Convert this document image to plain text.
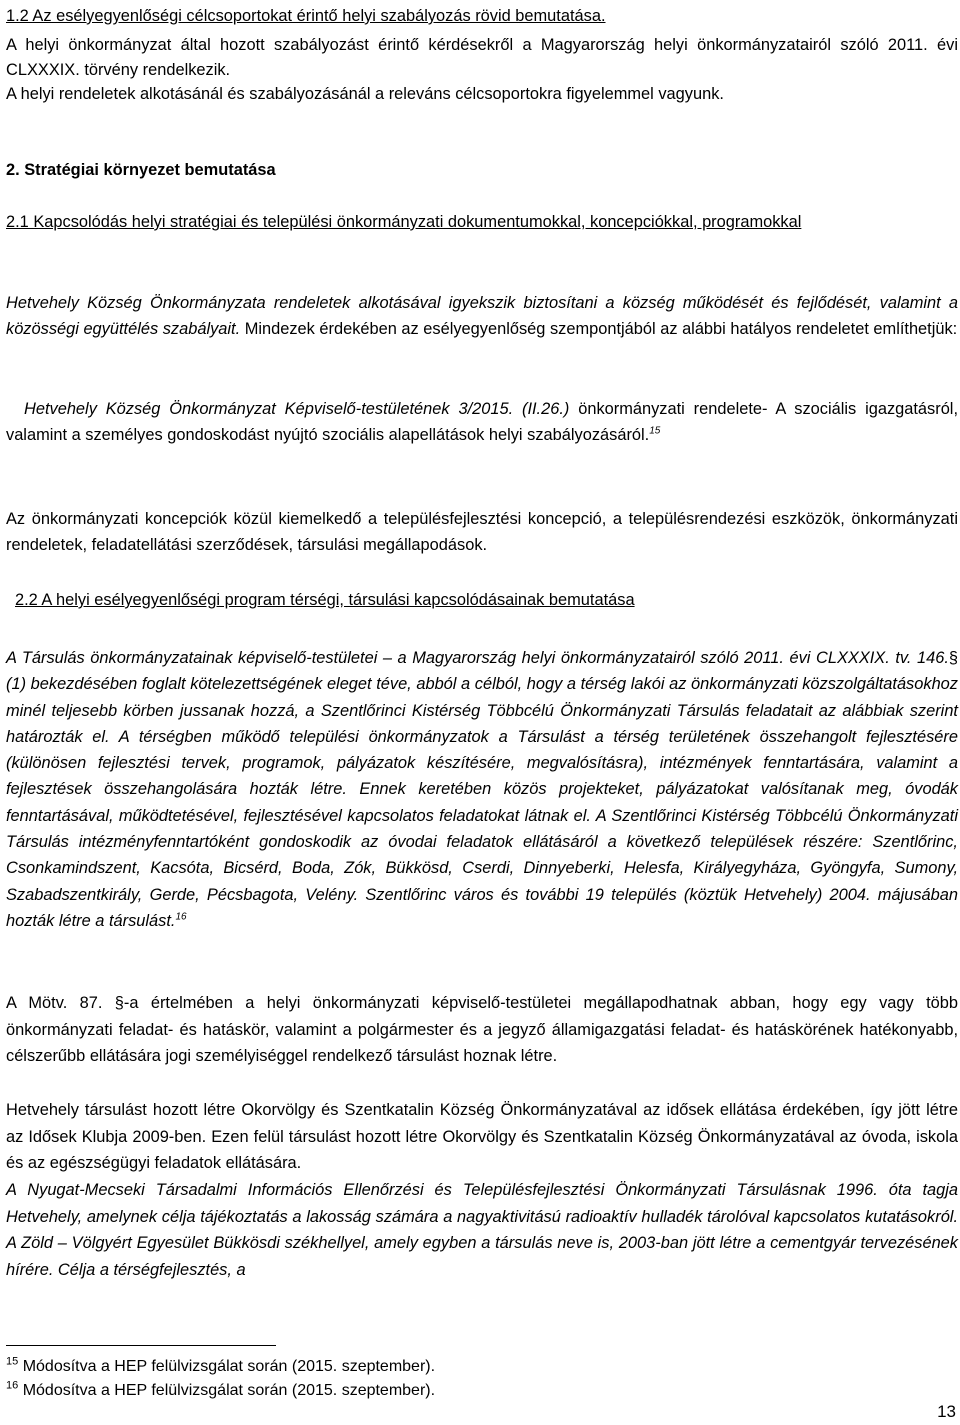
1.2 Az esélyegyenlőségi célcsoportokat érintő helyi szabályozás rövid bemutatása.

A helyi önkormányzat által hozott szabályozást érintő kérdésekről a Magyarország helyi önkormányzatairól szóló 2011. évi CLXXXIX. törvény rendelkezik.

A helyi rendeletek alkotásánál és szabályozásánál a releváns célcsoportokra figyelemmel vagyunk.

2. Stratégiai környezet bemutatása

2.1 Kapcsolódás helyi stratégiai és települési önkormányzati dokumentumokkal, koncepciókkal, programokkal

Hetvehely Község Önkormányzata rendeletek alkotásával igyekszik biztosítani a község működését és fejlődését, valamint a közösségi együttélés szabályait. Mindezek érdekében az esélyegyenlőség szempontjából az alábbi hatályos rendeletet említhetjük:

Hetvehely Község Önkormányzat Képviselő-testületének 3/2015. (II.26.) önkormányzati rendelete- A szociális igazgatásról, valamint a személyes gondoskodást nyújtó szociális alapellátások helyi szabályozásáról.$^{15}$

Az önkormányzati koncepciók közül kiemelkedő a településfejlesztési koncepció, a településrendezési eszközök, önkormányzati rendeletek, feladatellátási szerződések, társulási megállapodások.

2.2 A helyi esélyegyenlőségi program térségi, társulási kapcsolódásainak bemutatása

A Társulás önkormányzatainak képviselő-testületei – a Magyarország helyi önkormányzatairól szóló 2011. évi CLXXXIX. tv. 146.§ (1) bekezdésében foglalt kötelezettségének eleget téve, abból a célból, hogy a térség lakói az önkormányzati közszolgáltatásokhoz minél teljesebb körben jussanak hozzá, a Szentlőrinci Kistérség Többcélú Önkormányzati Társulás feladatait az alábbiak szerint határozták el. A térségben működő települési önkormányzatok a Társulást a térség területének összehangolt fejlesztésére (különösen fejlesztési tervek, programok, pályázatok készítésére, megvalósításra), intézmények fenntartására, valamint a fejlesztések összehangolására hozták létre. Ennek keretében közös projekteket, pályázatokat valósítanak meg, óvodák fenntartásával, működtetésével, fejlesztésével kapcsolatos feladatokat látnak el. A Szentlőrinci Kistérség Többcélú Önkormányzati Társulás intézményfenntartóként gondoskodik az óvodai feladatok ellátásáról a következő települések részére: Szentlőrinc, Csonkamindszent, Kacsóta, Bicsérd, Boda, Zók, Bükkösd, Cserdi, Dinnyeberki, Helesfa, Királyegyháza, Gyöngyfa, Sumony, Szabadszentkirály, Gerde, Pécsbagota, Velény. Szentlőrinc város és további 19 település (köztük Hetvehely) 2004. májusában hozták létre a társulást.$^{16}$

A Mötv. 87. §-a értelmében a helyi önkormányzati képviselő-testületei megállapodhatnak abban, hogy egy vagy több önkormányzati feladat- és hatáskör, valamint a polgármester és a jegyző államigazgatási feladat- és hatáskörének hatékonyabb, célszerűbb ellátására jogi személyiséggel rendelkező társulást hoznak létre.

Hetvehely társulást hozott létre Okorvölgy és Szentkatalin Község Önkormányzatával az idősek ellátása érdekében, így jött létre az Idősek Klubja 2009-ben. Ezen felül társulást hozott létre Okorvölgy és Szentkatalin Község Önkormányzatával az óvoda, iskola és az egészségügyi feladatok ellátására.

A Nyugat-Mecseki Társadalmi Információs Ellenőrzési és Településfejlesztési Önkormányzati Társulásnak 1996. óta tagja Hetvehely, amelynek célja tájékoztatás a lakosság számára a nagyaktivitású radioaktív hulladék tárolóval kapcsolatos kutatásokról. A Zöld – Völgyért Egyesület Bükkösdi székhellyel, amely egyben a társulás neve is, 2003-ban jött létre a cementgyár tervezésének hírére. Célja a térségfejlesztés, a

$^{15}$ Módosítva a HEP felülvizsgálat során (2015. szeptember).
$^{16}$ Módosítva a HEP felülvizsgálat során (2015. szeptember).
13
